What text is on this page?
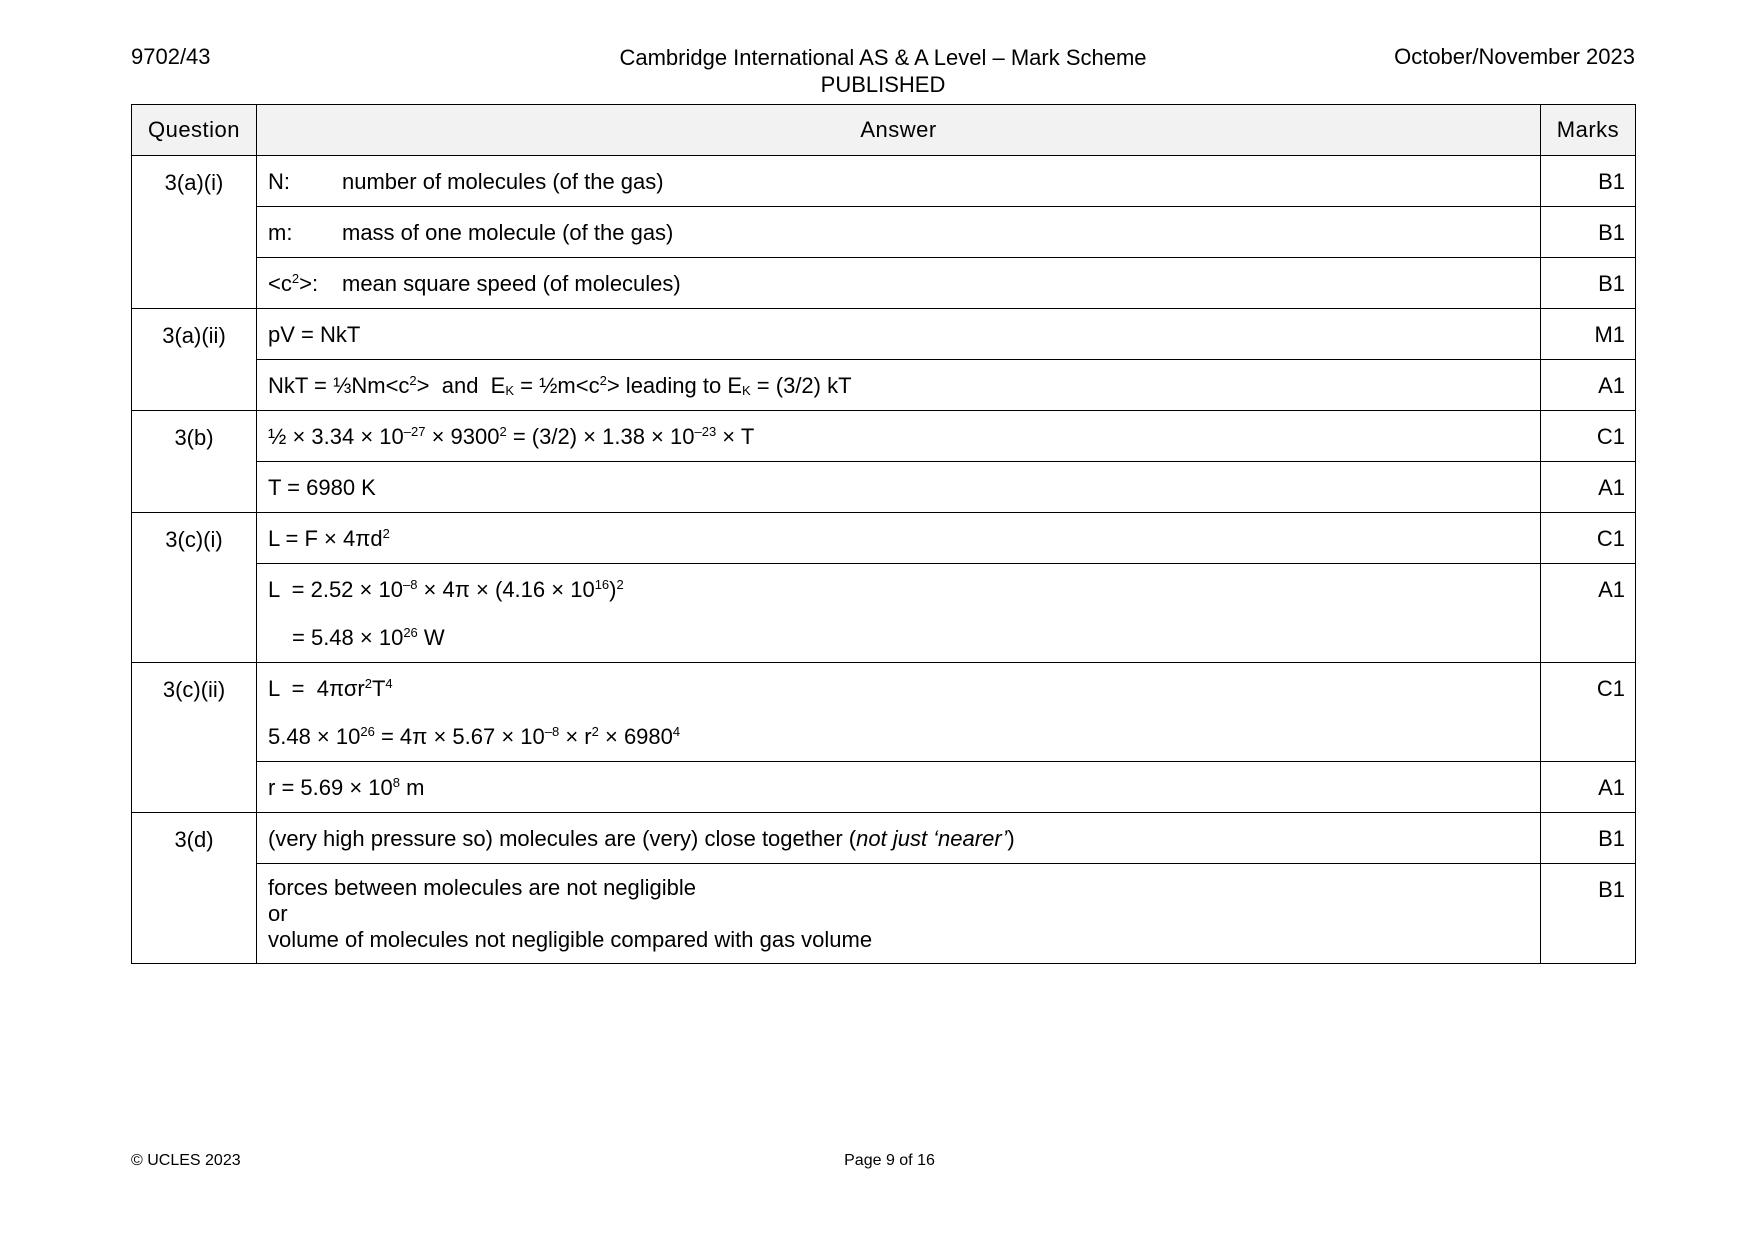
9702/43	Cambridge International AS & A Level – Mark Scheme
PUBLISHED
October/November 2023
Question	Answer	Marks
3(a)(i)	N: number of molecules (of the gas)	B1
	m: mass of one molecule (of the gas)	B1
	$<c^2>$: mean square speed (of molecules)	B1
3(a)(ii)	pV = NkT	M1
	NkT = $\frac{1}{3}Nm<c^2>$  and  $E_K$ = $\frac{1}{2}m<c^2>$ leading to $E_K = (3/2)$ kT	A1
3(b)	½ × $3.34 \times 10^{-27} \times 9300^2 = (3/2) \times 1.38 \times 10^{-23} \times T$	C1
	T = 6980 K	A1
3(c)(i)	$L = F \times 4\pi d^2$	C1

	$L = 2.52 \times 10^{-8} \times 4\pi \times (4.16 \times 10^{16})^2$
= $5.48 \times 10^{26}$ W	A1
3(c)(ii)	$L = 4\pi\sigma r^2T^4$
$5.48 \times 10^{26} = 4\pi \times 5.67 \times 10^{-8} \times r^2 \times 6980^4$	C1
	$r = 5.69 \times 10^8$ m	A1
3(d)	(very high pressure so) molecules are (very) close together (not just ‘nearer’)	B1

	forces between molecules are not negligible
or
volume of molecules not negligible compared with gas volume	B1
© UCLES 2023	Page 9 of 16
